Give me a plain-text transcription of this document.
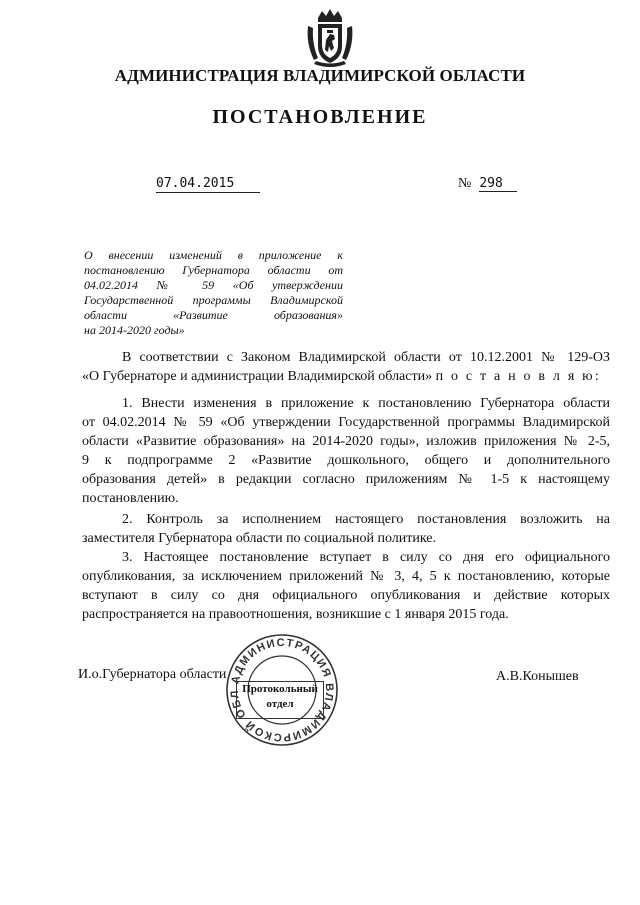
АДМИНИСТРАЦИЯ ВЛАДИМИРСКОЙ ОБЛАСТИ
ПОСТАНОВЛЕНИЕ
07.04.2015	№ 298
О внесении изменений в приложение к
постановлению Губернатора области от
04.02.2014 № 59 «Об утверждении
Государственной программы Владимирской
области «Развитие образования»
на 2014-2020 годы»
В соответствии с Законом Владимирской области от 10.12.2001 № 129-ОЗ
«О Губернаторе и администрации Владимирской области» п о с т а н о в л я ю:
1. Внести изменения в приложение к постановлению Губернатора области
от 04.02.2014 № 59 «Об утверждении Государственной программы Владимирской
области «Развитие образования» на 2014-2020 годы», изложив приложения № 2-5,
9 к подпрограмме 2 «Развитие дошкольного, общего и дополнительного
образования детей» в редакции согласно приложениям № 1-5 к настоящему
постановлению.
2. Контроль за исполнением настоящего постановления возложить на
заместителя Губернатора области по социальной политике.
3. Настоящее постановление вступает в силу со дня его официального
опубликования, за исключением приложений № 3, 4, 5 к постановлению, которые
вступают в силу со дня официального опубликования и действие которых
распространяется на правоотношения, возникшие с 1 января 2015 года.
И.о.Губернатора области	А.В.Конышев
АДМИНИСТРАЦИЯ ВЛАДИМИРСКОЙ ОБЛ Протокольный
отдел
